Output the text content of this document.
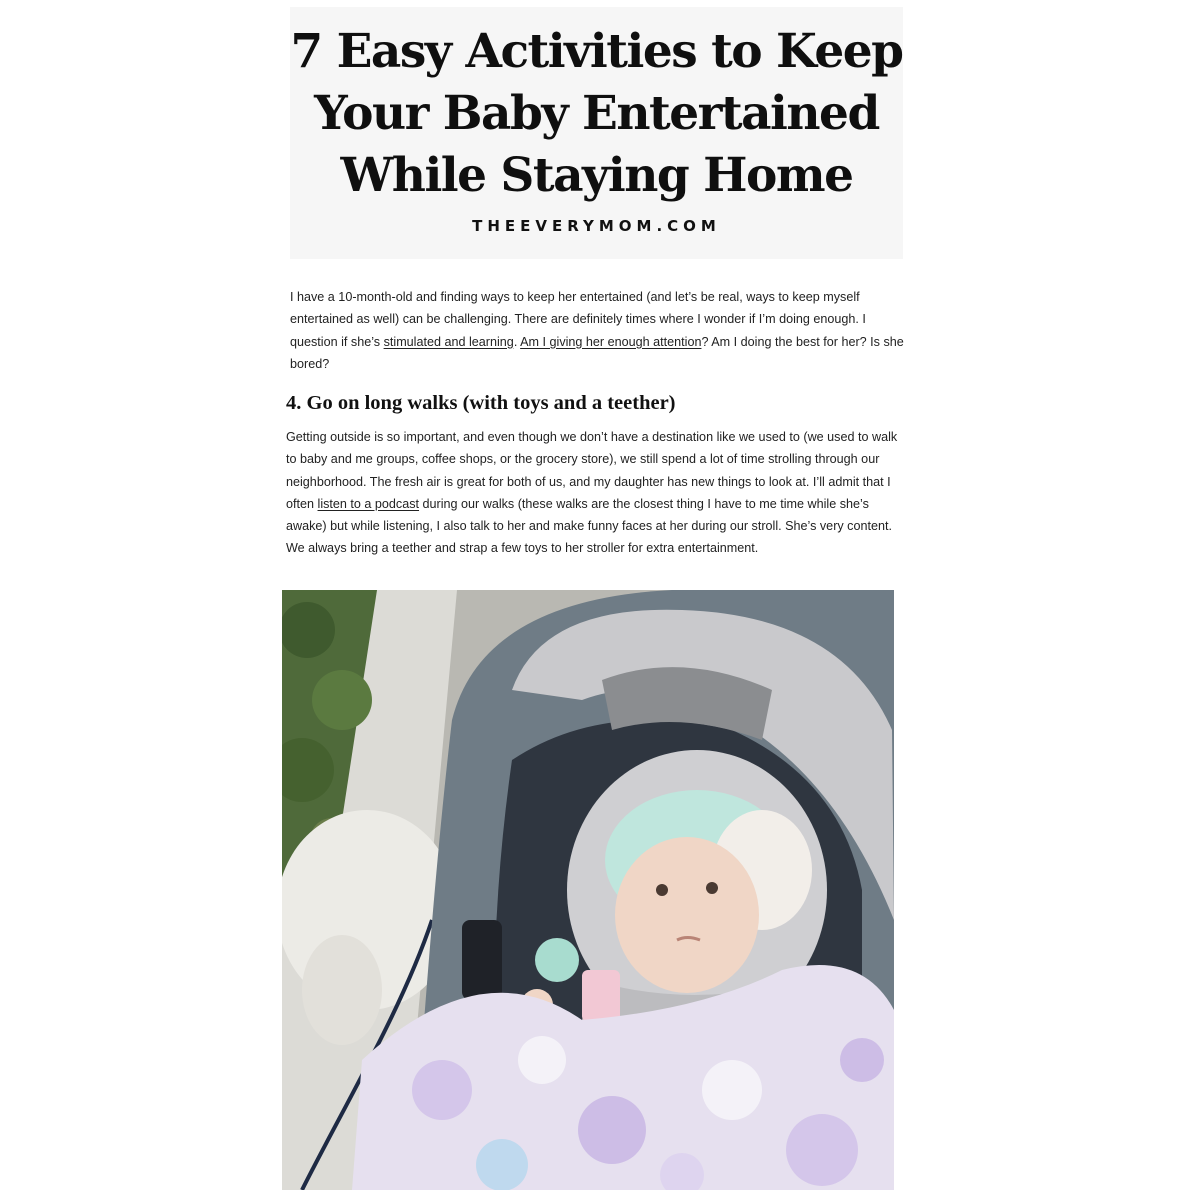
7 Easy Activities to Keep
Your Baby Entertained
While Staying Home
THEEVERYMOM.COM

I have a 10-month-old and finding ways to keep her entertained (and let’s be real, ways to keep myself entertained as well) can be challenging. There are definitely times where I wonder if I’m doing enough. I question if she’s stimulated and learning. Am I giving her enough attention? Am I doing the best for her? Is she bored?

4. Go on long walks (with toys and a teether)

Getting outside is so important, and even though we don’t have a destination like we used to (we used to walk to baby and me groups, coffee shops, or the grocery store), we still spend a lot of time strolling through our neighborhood. The fresh air is great for both of us, and my daughter has new things to look at. I’ll admit that I often listen to a podcast during our walks (these walks are the closest thing I have to me time while she’s awake) but while listening, I also talk to her and make funny faces at her during our stroll. She’s very content. We always bring a teether and strap a few toys to her stroller for extra entertainment.
